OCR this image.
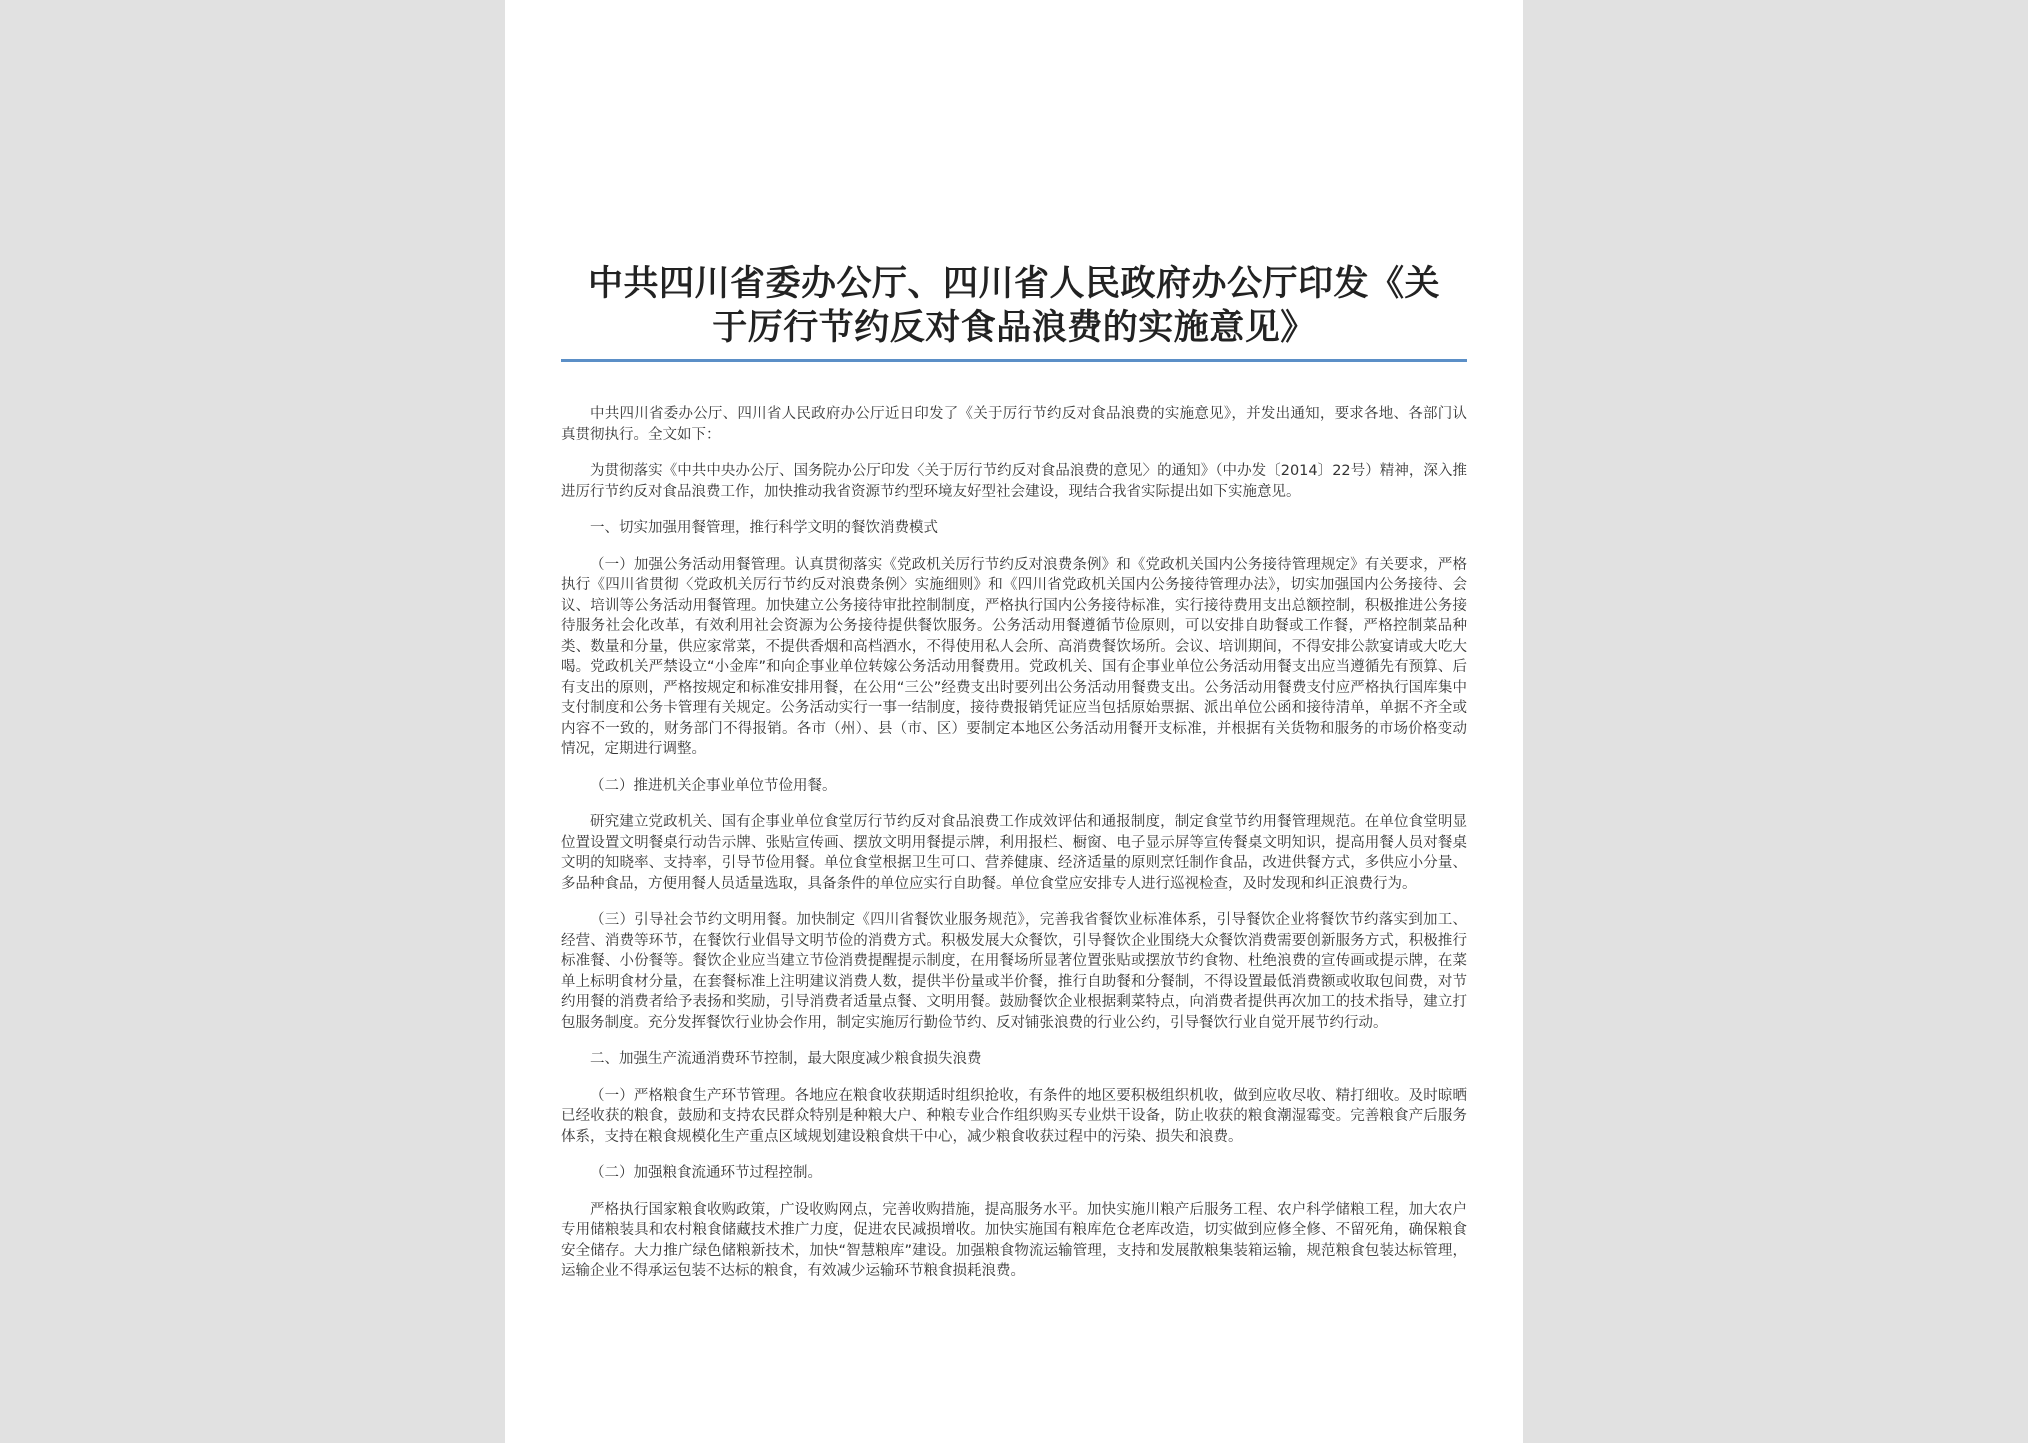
中共四川省委办公厅、四川省人民政府办公厅印发《关
于厉行节约反对食品浪费的实施意见》

中共四川省委办公厅、四川省人民政府办公厅近日印发了《关于厉行节约反对食品浪费的实施意见》，并发出通知，要求各地、各部门认真贯彻执行。全文如下：

为贯彻落实《中共中央办公厅、国务院办公厅印发〈关于厉行节约反对食品浪费的意见〉的通知》（中办发〔2014〕22号）精神，深入推进厉行节约反对食品浪费工作，加快推动我省资源节约型环境友好型社会建设，现结合我省实际提出如下实施意见。

一、切实加强用餐管理，推行科学文明的餐饮消费模式

（一）加强公务活动用餐管理。认真贯彻落实《党政机关厉行节约反对浪费条例》和《党政机关国内公务接待管理规定》有关要求，严格执行《四川省贯彻〈党政机关厉行节约反对浪费条例〉实施细则》和《四川省党政机关国内公务接待管理办法》，切实加强国内公务接待、会议、培训等公务活动用餐管理。加快建立公务接待审批控制制度，严格执行国内公务接待标准，实行接待费用支出总额控制，积极推进公务接待服务社会化改革，有效利用社会资源为公务接待提供餐饮服务。公务活动用餐遵循节俭原则，可以安排自助餐或工作餐，严格控制菜品种类、数量和分量，供应家常菜，不提供香烟和高档酒水，不得使用私人会所、高消费餐饮场所。会议、培训期间，不得安排公款宴请或大吃大喝。党政机关严禁设立“小金库”和向企事业单位转嫁公务活动用餐费用。党政机关、国有企事业单位公务活动用餐支出应当遵循先有预算、后有支出的原则，严格按规定和标准安排用餐，在公用“三公”经费支出时要列出公务活动用餐费支出。公务活动用餐费支付应严格执行国库集中支付制度和公务卡管理有关规定。公务活动实行一事一结制度，接待费报销凭证应当包括原始票据、派出单位公函和接待清单，单据不齐全或内容不一致的，财务部门不得报销。各市（州）、县（市、区）要制定本地区公务活动用餐开支标准，并根据有关货物和服务的市场价格变动情况，定期进行调整。

（二）推进机关企事业单位节俭用餐。

研究建立党政机关、国有企事业单位食堂厉行节约反对食品浪费工作成效评估和通报制度，制定食堂节约用餐管理规范。在单位食堂明显位置设置文明餐桌行动告示牌、张贴宣传画、摆放文明用餐提示牌，利用报栏、橱窗、电子显示屏等宣传餐桌文明知识，提高用餐人员对餐桌文明的知晓率、支持率，引导节俭用餐。单位食堂根据卫生可口、营养健康、经济适量的原则烹饪制作食品，改进供餐方式，多供应小分量、多品种食品，方便用餐人员适量选取，具备条件的单位应实行自助餐。单位食堂应安排专人进行巡视检查，及时发现和纠正浪费行为。

（三）引导社会节约文明用餐。加快制定《四川省餐饮业服务规范》，完善我省餐饮业标准体系，引导餐饮企业将餐饮节约落实到加工、经营、消费等环节，在餐饮行业倡导文明节俭的消费方式。积极发展大众餐饮，引导餐饮企业围绕大众餐饮消费需要创新服务方式，积极推行标准餐、小份餐等。餐饮企业应当建立节俭消费提醒提示制度，在用餐场所显著位置张贴或摆放节约食物、杜绝浪费的宣传画或提示牌，在菜单上标明食材分量，在套餐标准上注明建议消费人数，提供半份量或半价餐，推行自助餐和分餐制，不得设置最低消费额或收取包间费，对节约用餐的消费者给予表扬和奖励，引导消费者适量点餐、文明用餐。鼓励餐饮企业根据剩菜特点，向消费者提供再次加工的技术指导，建立打包服务制度。充分发挥餐饮行业协会作用，制定实施厉行勤俭节约、反对铺张浪费的行业公约，引导餐饮行业自觉开展节约行动。

二、加强生产流通消费环节控制，最大限度减少粮食损失浪费

（一）严格粮食生产环节管理。各地应在粮食收获期适时组织抢收，有条件的地区要积极组织机收，做到应收尽收、精打细收。及时晾晒已经收获的粮食，鼓励和支持农民群众特别是种粮大户、种粮专业合作组织购买专业烘干设备，防止收获的粮食潮湿霉变。完善粮食产后服务体系，支持在粮食规模化生产重点区域规划建设粮食烘干中心，减少粮食收获过程中的污染、损失和浪费。

（二）加强粮食流通环节过程控制。

严格执行国家粮食收购政策，广设收购网点，完善收购措施，提高服务水平。加快实施川粮产后服务工程、农户科学储粮工程，加大农户专用储粮装具和农村粮食储藏技术推广力度，促进农民减损增收。加快实施国有粮库危仓老库改造，切实做到应修全修、不留死角，确保粮食安全储存。大力推广绿色储粮新技术，加快“智慧粮库”建设。加强粮食物流运输管理，支持和发展散粮集装箱运输，规范粮食包装达标管理，运输企业不得承运包装不达标的粮食，有效减少运输环节粮食损耗浪费。
